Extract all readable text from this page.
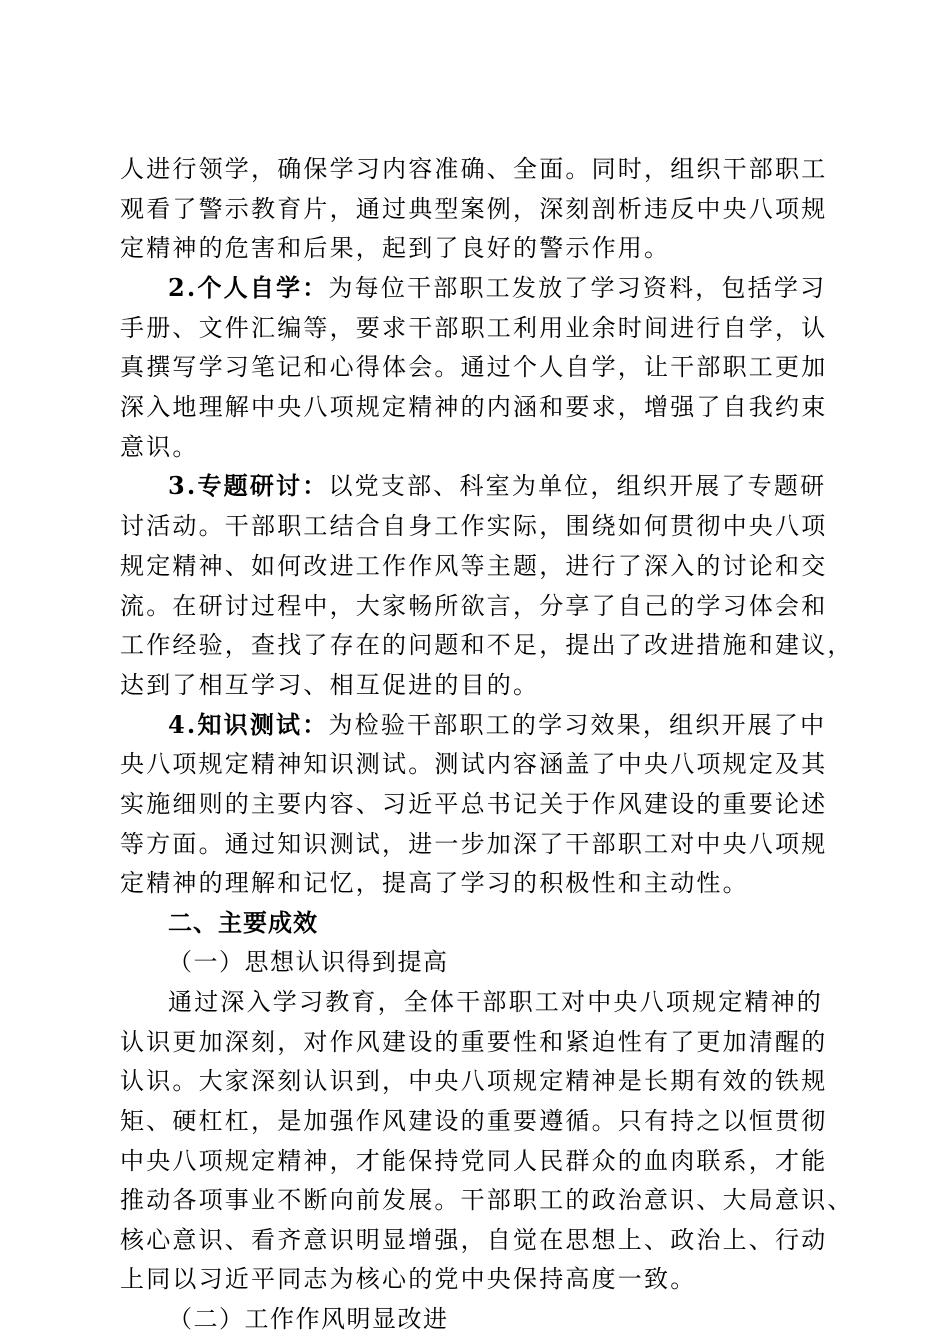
人进行领学，确保学习内容准确、全面。同时，组织干部职工
观看了警示教育片，通过典型案例，深刻剖析违反中央八项规
定精神的危害和后果，起到了良好的警示作用。
2.个人自学：为每位干部职工发放了学习资料，包括学习
手册、文件汇编等，要求干部职工利用业余时间进行自学，认
真撰写学习笔记和心得体会。通过个人自学，让干部职工更加
深入地理解中央八项规定精神的内涵和要求，增强了自我约束
意识。
3.专题研讨：以党支部、科室为单位，组织开展了专题研
讨活动。干部职工结合自身工作实际，围绕如何贯彻中央八项
规定精神、如何改进工作作风等主题，进行了深入的讨论和交
流。在研讨过程中，大家畅所欲言，分享了自己的学习体会和
工作经验，查找了存在的问题和不足，提出了改进措施和建议，
达到了相互学习、相互促进的目的。
4.知识测试：为检验干部职工的学习效果，组织开展了中
央八项规定精神知识测试。测试内容涵盖了中央八项规定及其
实施细则的主要内容、习近平总书记关于作风建设的重要论述
等方面。通过知识测试，进一步加深了干部职工对中央八项规
定精神的理解和记忆，提高了学习的积极性和主动性。
二、主要成效
（一）思想认识得到提高
通过深入学习教育，全体干部职工对中央八项规定精神的
认识更加深刻，对作风建设的重要性和紧迫性有了更加清醒的
认识。大家深刻认识到，中央八项规定精神是长期有效的铁规
矩、硬杠杠，是加强作风建设的重要遵循。只有持之以恒贯彻
中央八项规定精神，才能保持党同人民群众的血肉联系，才能
推动各项事业不断向前发展。干部职工的政治意识、大局意识、
核心意识、看齐意识明显增强，自觉在思想上、政治上、行动
上同以习近平同志为核心的党中央保持高度一致。
（二）工作作风明显改进
